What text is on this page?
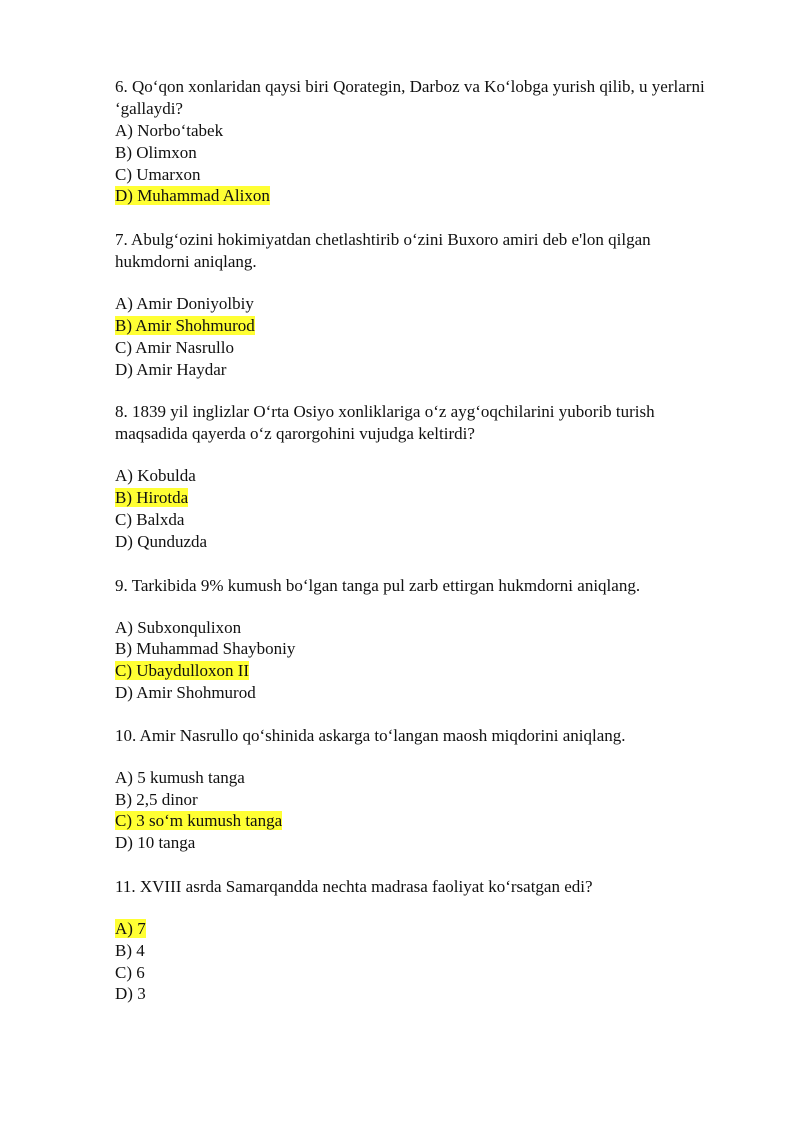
6. Qo‘qon xonlaridan qaysi biri Qorategin, Darboz va Ko‘lobga yurish qilib, u yerlarni ‘gallaydi?

A) Norbo‘tabek
B) Olimxon
C) Umarxon
D) Muhammad Alixon

7. Abulg‘ozini hokimiyatdan chetlashtirib o‘zini Buxoro amiri deb e'lon qilgan hukmdorni aniqlang.

A) Amir Doniyolbiy
B) Amir Shohmurod
C) Amir Nasrullo
D) Amir Haydar

8. 1839 yil inglizlar O‘rta Osiyo xonliklariga o‘z ayg‘oqchilarini yuborib turish maqsadida qayerda o‘z qarorgohini vujudga keltirdi?

A) Kobulda
B) Hirotda
C) Balxda
D) Qunduzda

9. Tarkibida 9% kumush bo‘lgan tanga pul zarb ettirgan hukmdorni aniqlang.

A) Subxonqulixon
B) Muhammad Shayboniy
C) Ubaydulloxon II
D) Amir Shohmurod

10. Amir Nasrullo qo‘shinida askarga to‘langan maosh miqdorini aniqlang.

A) 5 kumush tanga
B) 2,5 dinor
C) 3 so‘m kumush tanga
D) 10 tanga

11. XVIII asrda Samarqandda nechta madrasa faoliyat ko‘rsatgan edi?

A) 7
B) 4
C) 6
D) 3
